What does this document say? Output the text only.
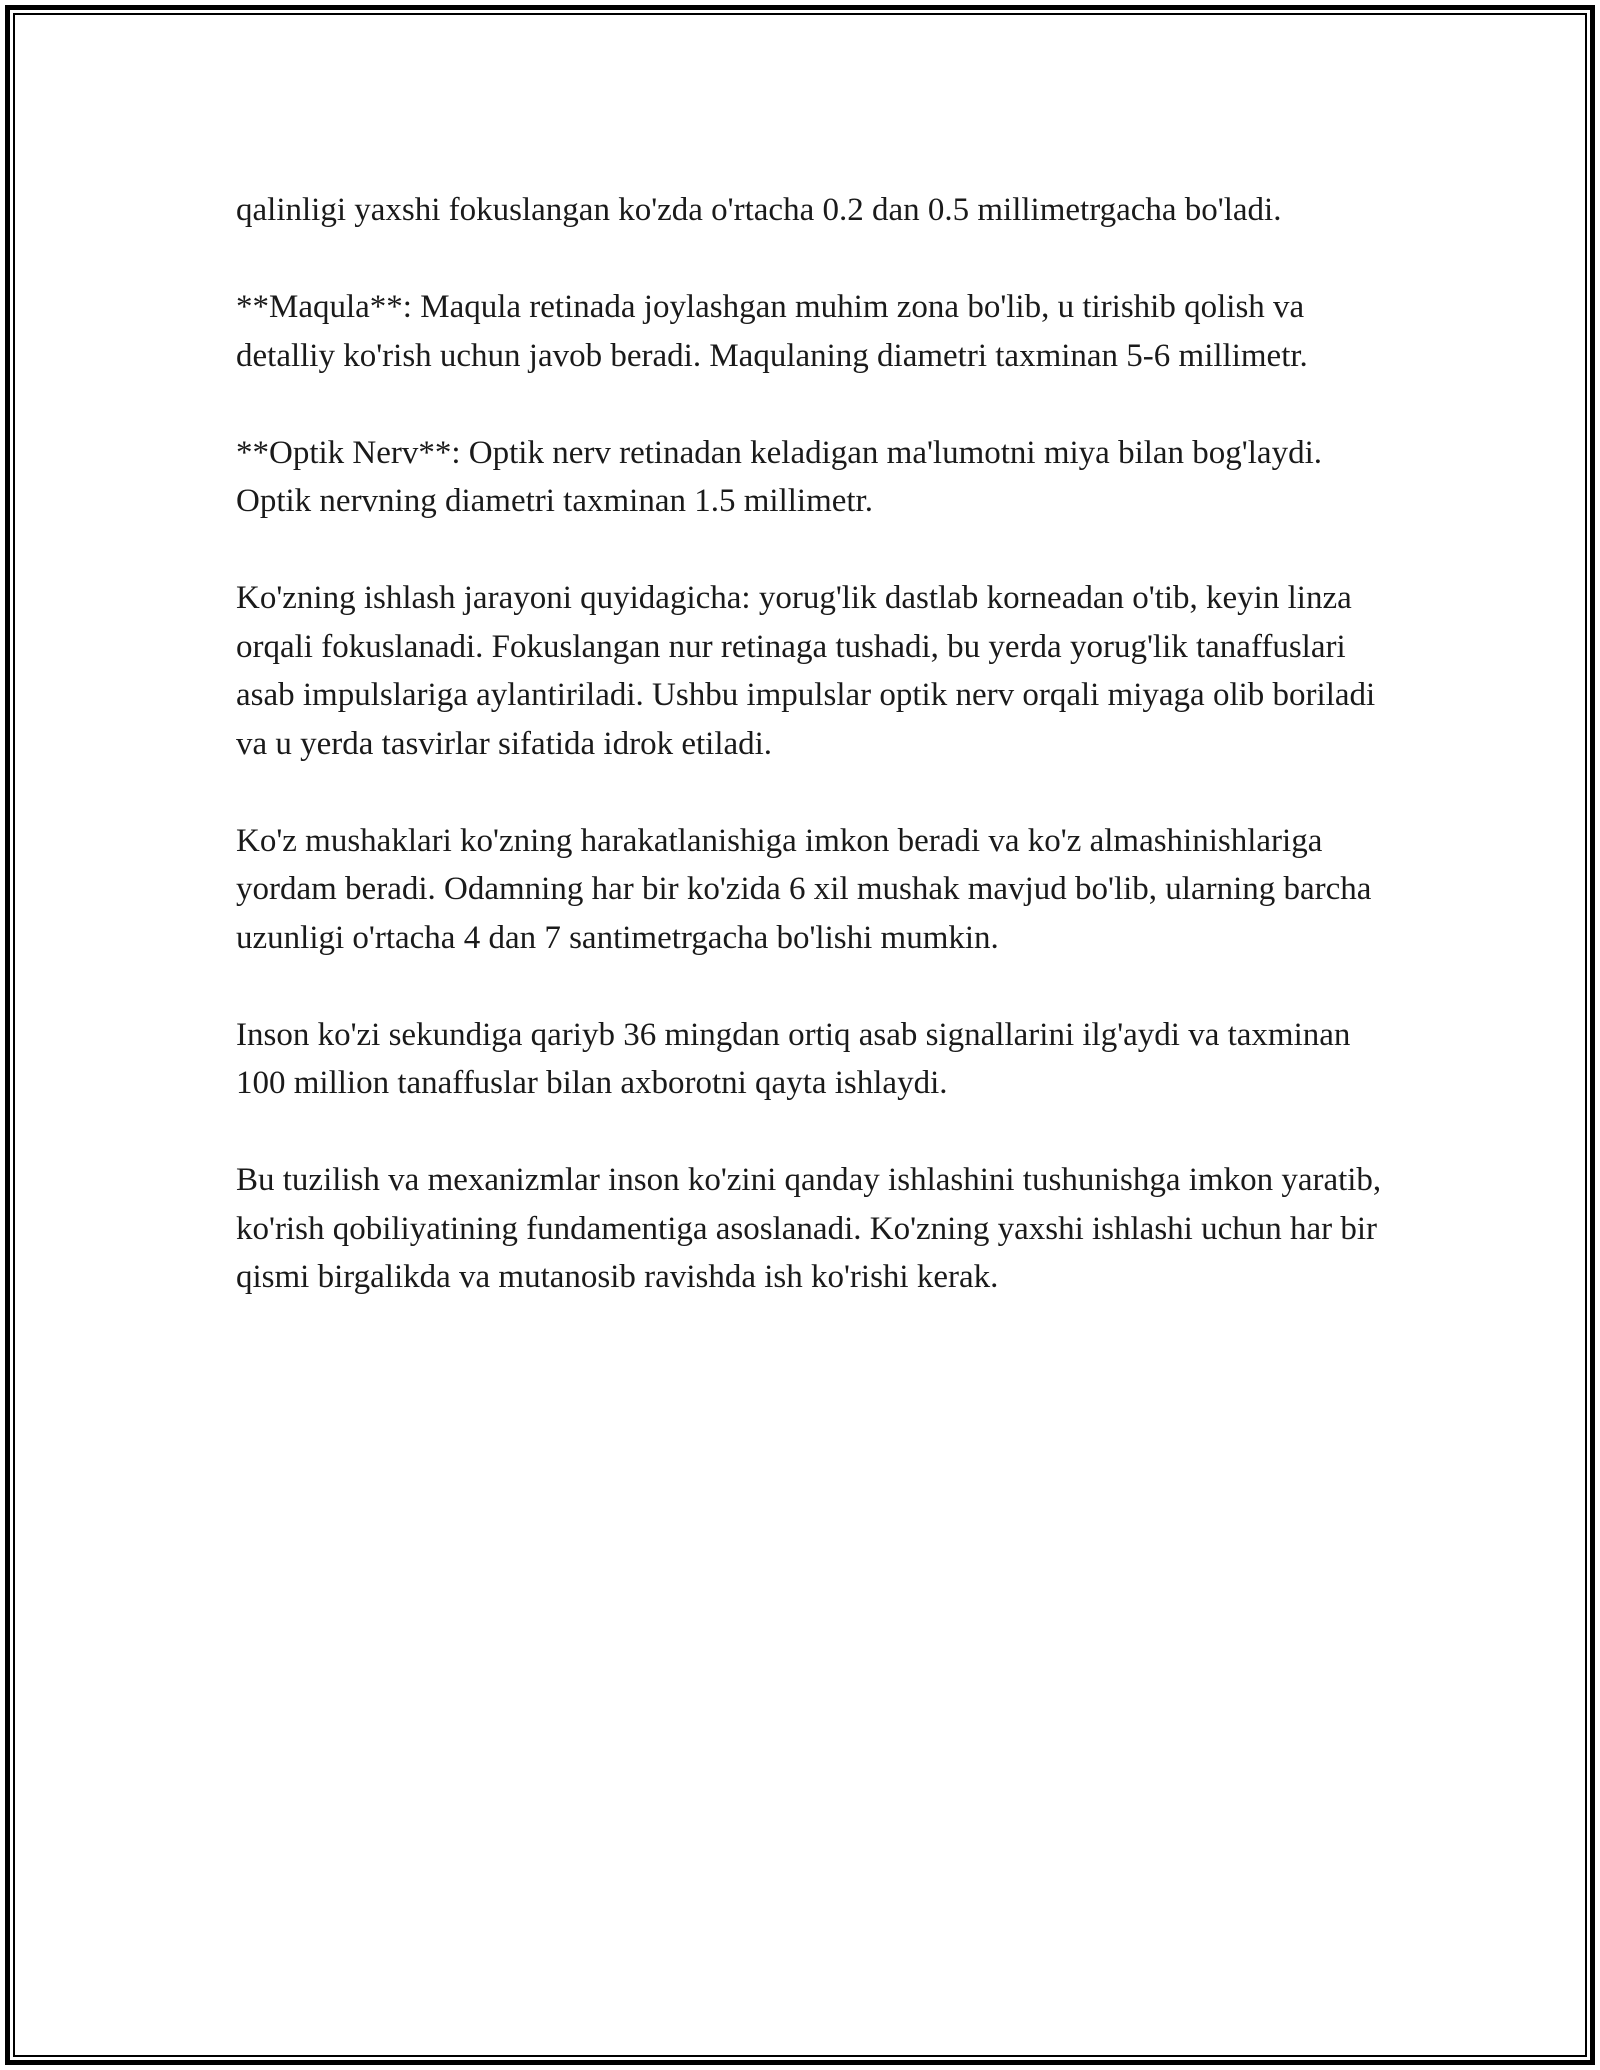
qalinligi yaxshi fokuslangan ko'zda o'rtacha 0.2 dan 0.5 millimetrgacha bo'ladi.

**Maqula**: Maqula retinada joylashgan muhim zona bo'lib, u tirishib qolish va detalliy ko'rish uchun javob beradi. Maqulaning diametri taxminan 5-6 millimetr.

**Optik Nerv**: Optik nerv retinadan keladigan ma'lumotni miya bilan bog'laydi. Optik nervning diametri taxminan 1.5 millimetr.

Ko'zning ishlash jarayoni quyidagicha: yorug'lik dastlab korneadan o'tib, keyin linza orqali fokuslanadi. Fokuslangan nur retinaga tushadi, bu yerda yorug'lik tanaffuslari asab impulslariga aylantiriladi. Ushbu impulslar optik nerv orqali miyaga olib boriladi va u yerda tasvirlar sifatida idrok etiladi.

Ko'z mushaklari ko'zning harakatlanishiga imkon beradi va ko'z almashinishlariga yordam beradi. Odamning har bir ko'zida 6 xil mushak mavjud bo'lib, ularning barcha uzunligi o'rtacha 4 dan 7 santimetrgacha bo'lishi mumkin.

Inson ko'zi sekundiga qariyb 36 mingdan ortiq asab signallarini ilg'aydi va taxminan 100 million tanaffuslar bilan axborotni qayta ishlaydi.

Bu tuzilish va mexanizmlar inson ko'zini qanday ishlashini tushunishga imkon yaratib, ko'rish qobiliyatining fundamentiga asoslanadi. Ko'zning yaxshi ishlashi uchun har bir qismi birgalikda va mutanosib ravishda ish ko'rishi kerak.
